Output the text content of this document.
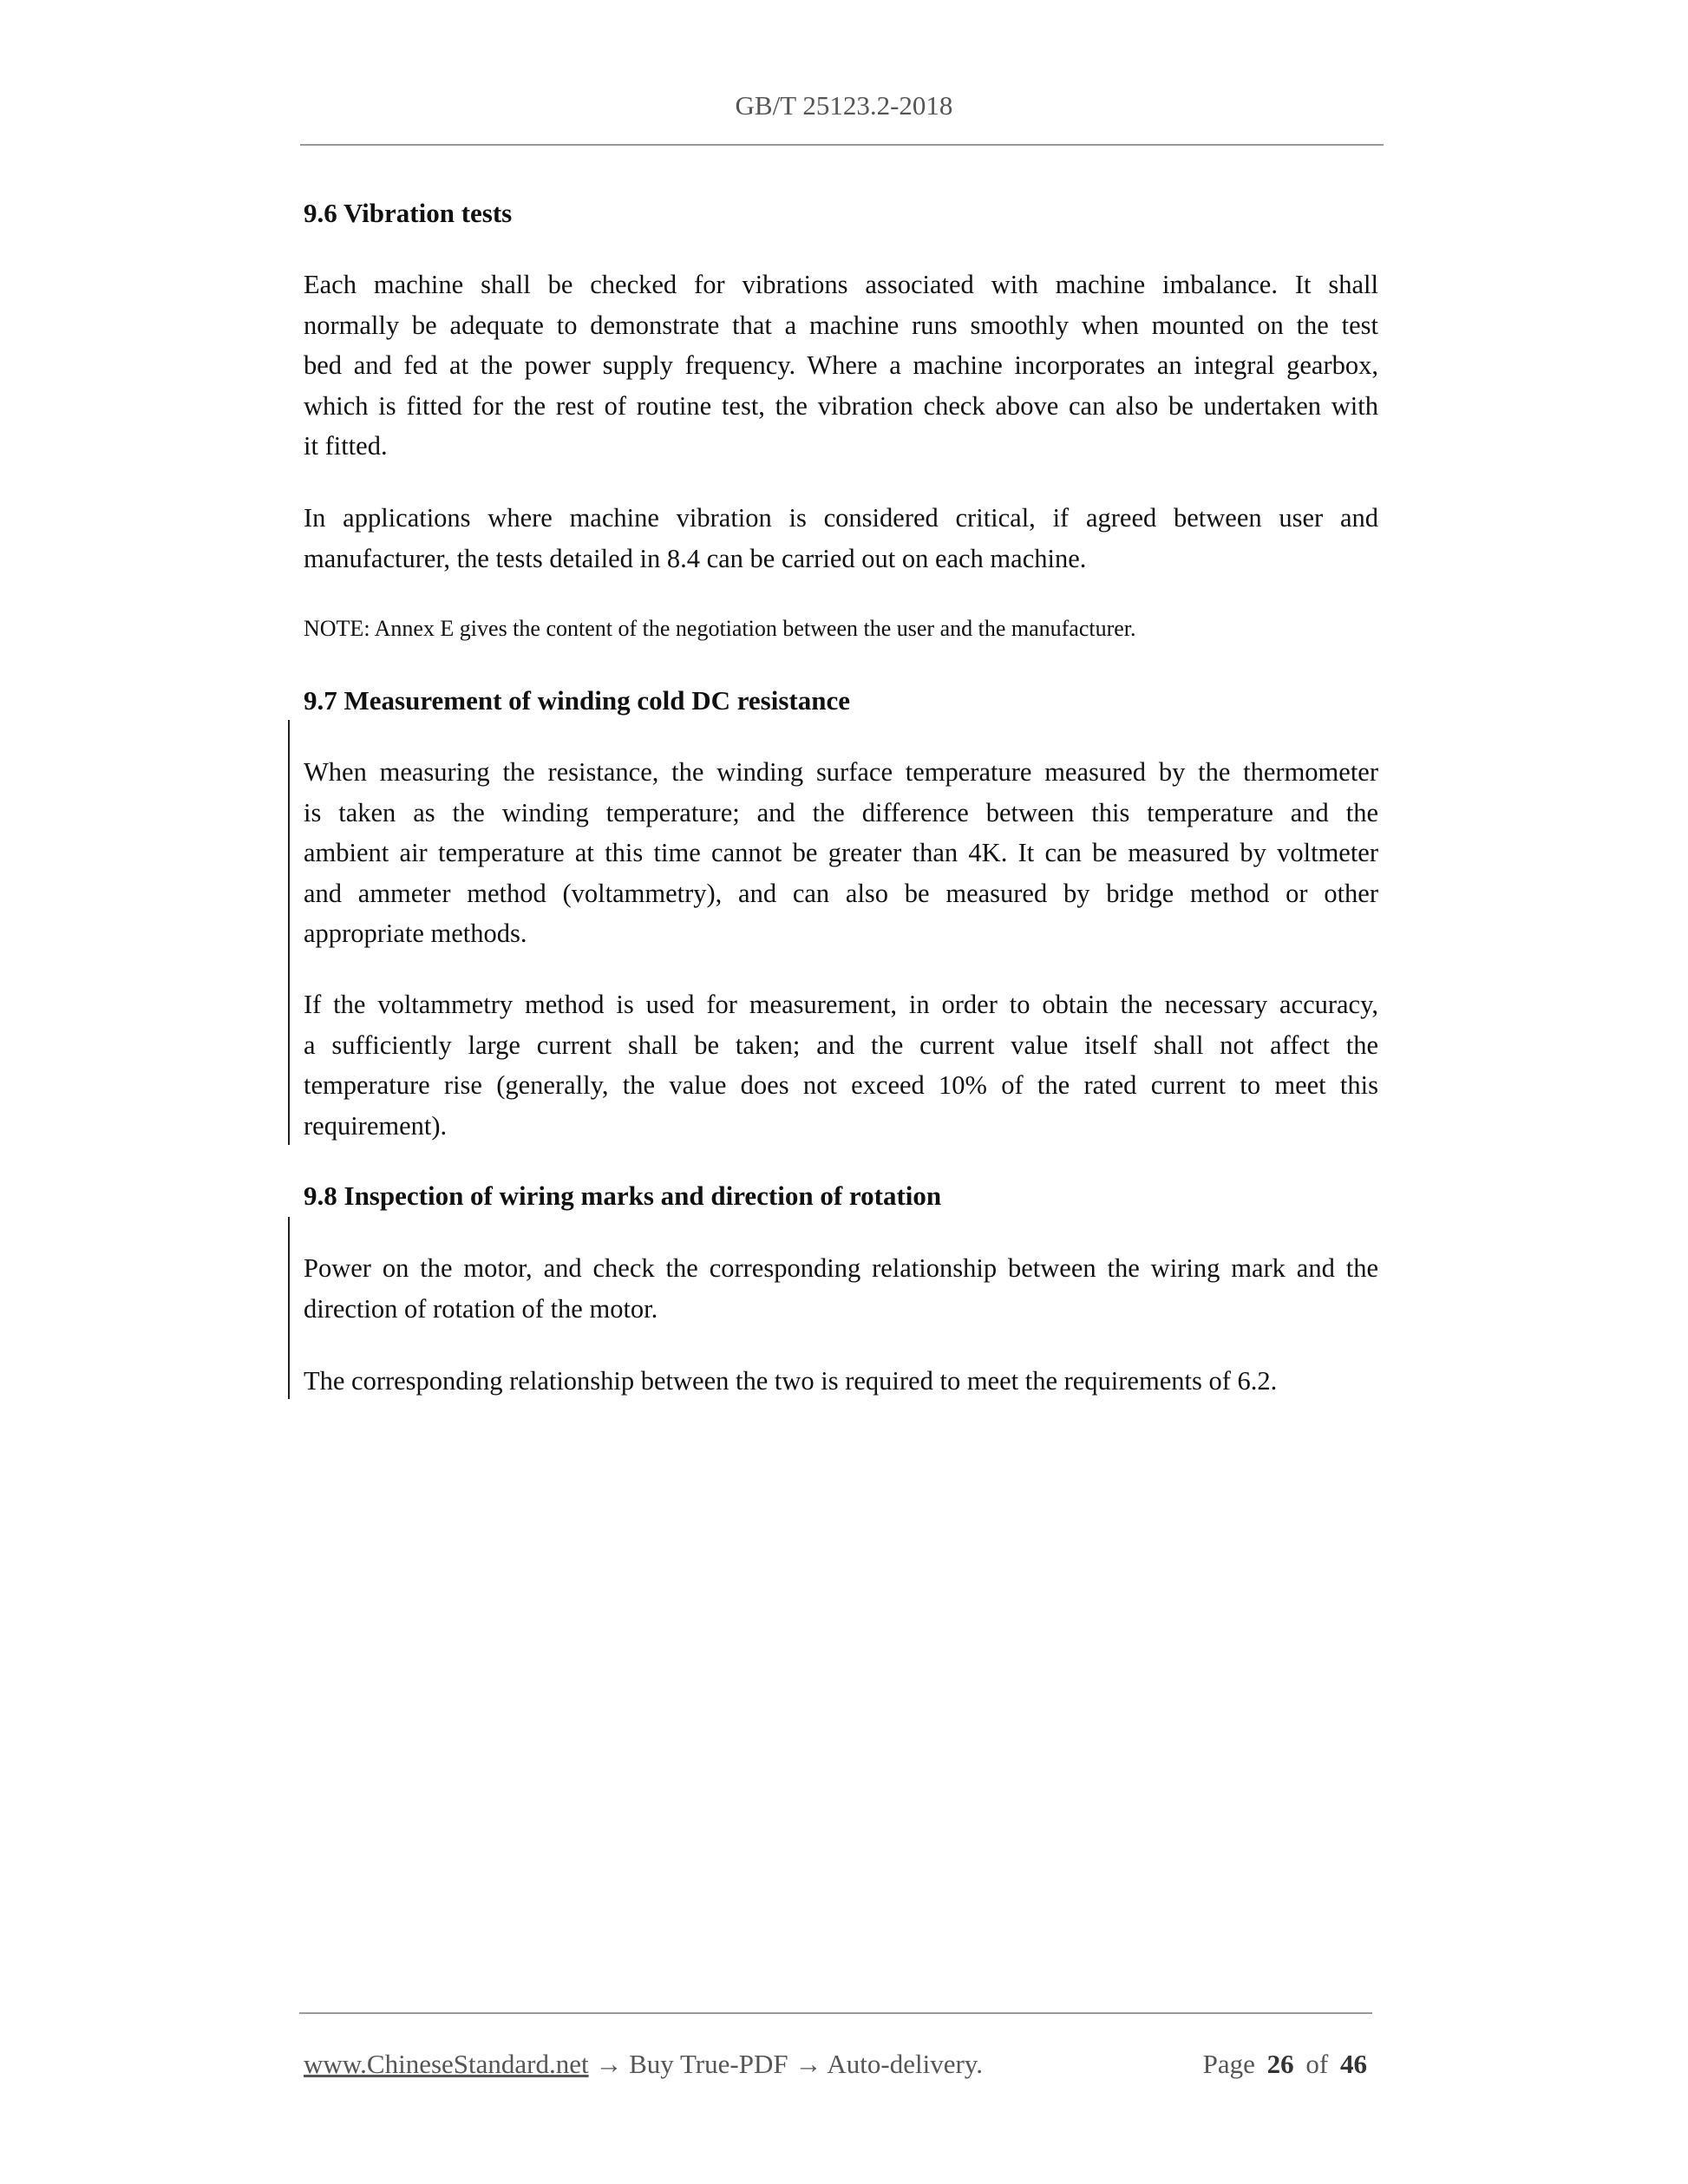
GB/T 25123.2-2018
9.6 Vibration tests
Each machine shall be checked for vibrations associated with machine imbalance. It shall
normally be adequate to demonstrate that a machine runs smoothly when mounted on the test
bed and fed at the power supply frequency. Where a machine incorporates an integral gearbox,
which is fitted for the rest of routine test, the vibration check above can also be undertaken with
it fitted.
In applications where machine vibration is considered critical, if agreed between user and
manufacturer, the tests detailed in 8.4 can be carried out on each machine.
NOTE: Annex E gives the content of the negotiation between the user and the manufacturer.
9.7 Measurement of winding cold DC resistance
When measuring the resistance, the winding surface temperature measured by the thermometer
is taken as the winding temperature; and the difference between this temperature and the
ambient air temperature at this time cannot be greater than 4K. It can be measured by voltmeter
and ammeter method (voltammetry), and can also be measured by bridge method or other
appropriate methods.
If the voltammetry method is used for measurement, in order to obtain the necessary accuracy,
a sufficiently large current shall be taken; and the current value itself shall not affect the
temperature rise (generally, the value does not exceed 10% of the rated current to meet this
requirement).
9.8 Inspection of wiring marks and direction of rotation
Power on the motor, and check the corresponding relationship between the wiring mark and the
direction of rotation of the motor.
The corresponding relationship between the two is required to meet the requirements of 6.2.
www.ChineseStandard.net → Buy True-PDF → Auto-delivery.	Page 26 of 46
